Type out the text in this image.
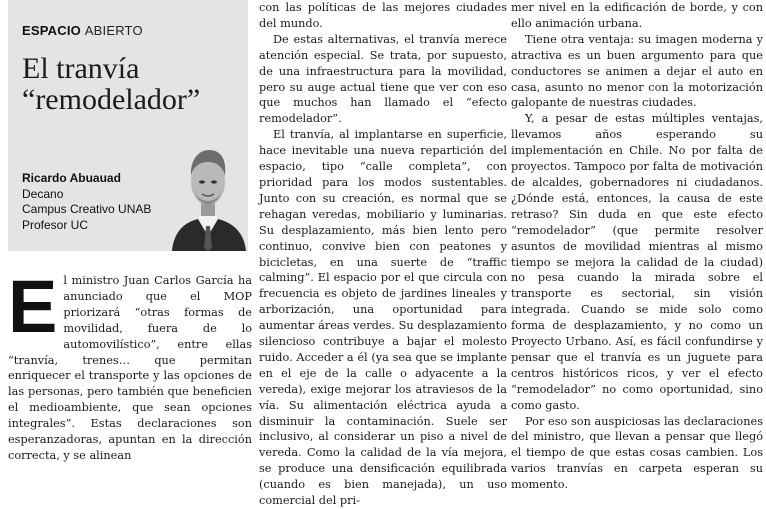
ESPACIO ABIERTO
El tranvía “remodelador”
Ricardo Abuauad
Decano
Campus Creativo UNAB
Profesor UC
E l ministro Juan Carlos García ha anunciado que el MOP priorizará “otras formas de movilidad, fuera de lo automovilístico”, entre ellas “tranvía, trenes… que permitan enriquecer el transporte y las opciones de las personas, pero también que beneficien el medioambiente, que sean opciones integrales”. Estas declaraciones son esperanzadoras, apuntan en la dirección correcta, y se alinean

con las políticas de las mejores ciudades del mundo.

De estas alternativas, el tranvía merece atención especial. Se trata, por supuesto, de una infraestructura para la movilidad, pero su auge actual tiene que ver con eso que muchos han llamado el “efecto remodelador”.

El tranvía, al implantarse en superficie, hace inevitable una nueva repartición del espacio, tipo “calle completa”, con prioridad para los modos sustentables. Junto con su creación, es normal que se rehagan veredas, mobiliario y luminarias. Su desplazamiento, más bien lento pero continuo, convive bien con peatones y bicicletas, en una suerte de “traffic calming”. El espacio por el que circula con frecuencia es objeto de jardines lineales y arborización, una oportunidad para aumentar áreas verdes. Su desplazamiento silencioso contribuye a bajar el molesto ruido. Acceder a él (ya sea que se implante en el eje de la calle o adyacente a la vereda), exige mejorar los atraviesos de la vía. Su alimentación eléctrica ayuda a disminuir la contaminación. Suele ser inclusivo, al considerar un piso a nivel de vereda. Como la calidad de la vía mejora, se produce una densificación equilibrada (cuando es bien manejada), un uso comercial del pri-

mer nivel en la edificación de borde, y con ello animación urbana.

Tiene otra ventaja: su imagen moderna y atractiva es un buen argumento para que conductores se animen a dejar el auto en casa, asunto no menor con la motorización galopante de nuestras ciudades.

Y, a pesar de estas múltiples ventajas, llevamos años esperando su implementación en Chile. No por falta de proyectos. Tampoco por falta de motivación de alcaldes, gobernadores ni ciudadanos. ¿Dónde está, entonces, la causa de este retraso? Sin duda en que este efecto “remodelador” (que permite resolver asuntos de movilidad mientras al mismo tiempo se mejora la calidad de la ciudad) no pesa cuando la mirada sobre el transporte es sectorial, sin visión integrada. Cuando se mide solo como forma de desplazamiento, y no como un Proyecto Urbano. Así, es fácil confundirse y pensar que el tranvía es un juguete para centros históricos ricos, y ver el efecto “remodelador” no como oportunidad, sino como gasto.

Por eso son auspiciosas las declaraciones del ministro, que llevan a pensar que llegó el tiempo de que estas cosas cambien. Los varios tranvías en carpeta esperan su momento.
